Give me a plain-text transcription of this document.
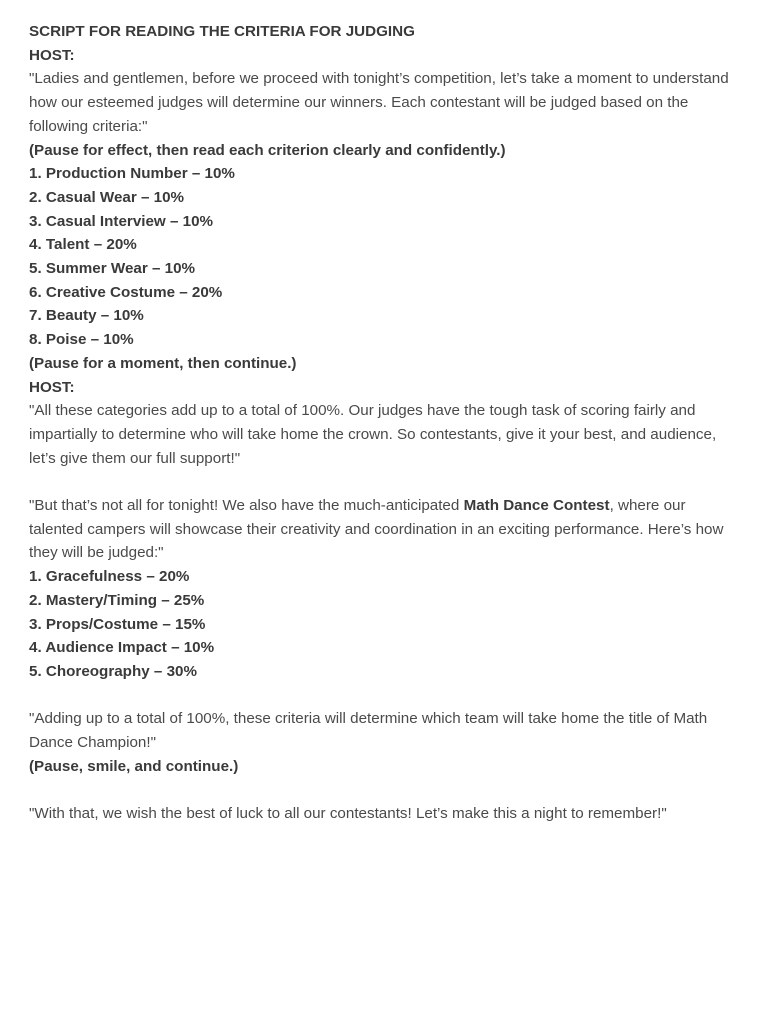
SCRIPT FOR READING THE CRITERIA FOR JUDGING

HOST:

"Ladies and gentlemen, before we proceed with tonight’s competition, let’s take a moment to understand how our esteemed judges will determine our winners. Each contestant will be judged based on the following criteria:"

(Pause for effect, then read each criterion clearly and confidently.)

1. Production Number – 10%

2. Casual Wear – 10%

3. Casual Interview – 10%

4. Talent – 20%

5. Summer Wear – 10%

6. Creative Costume – 20%

7. Beauty – 10%

8. Poise – 10%

(Pause for a moment, then continue.)

HOST:

"All these categories add up to a total of 100%. Our judges have the tough task of scoring fairly and impartially to determine who will take home the crown. So contestants, give it your best, and audience, let’s give them our full support!"

"But that’s not all for tonight! We also have the much-anticipated Math Dance Contest, where our talented campers will showcase their creativity and coordination in an exciting performance. Here’s how they will be judged:"

1. Gracefulness – 20%

2. Mastery/Timing – 25%

3. Props/Costume – 15%

4. Audience Impact – 10%

5. Choreography – 30%

"Adding up to a total of 100%, these criteria will determine which team will take home the title of Math Dance Champion!"

(Pause, smile, and continue.)

"With that, we wish the best of luck to all our contestants! Let’s make this a night to remember!"
